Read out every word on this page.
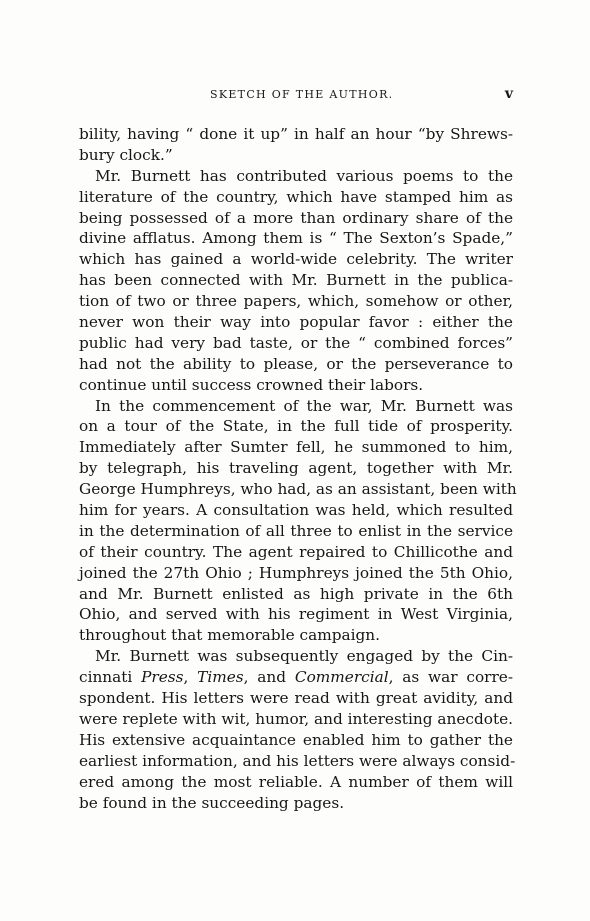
SKETCH OF THE AUTHOR.	v
bility, having “ done it up” in half an hour “by Shrews-
bury clock.”
Mr. Burnett has contributed various poems to the
literature of the country, which have stamped him as
being possessed of a more than ordinary share of the
divine afflatus. Among them is “ The Sexton’s Spade,”
which has gained a world-wide celebrity. The writer
has been connected with Mr. Burnett in the publica-
tion of two or three papers, which, somehow or other,
never won their way into popular favor : either the
public had very bad taste, or the “ combined forces”
had not the ability to please, or the perseverance to
continue until success crowned their labors.
In the commencement of the war, Mr. Burnett was
on a tour of the State, in the full tide of prosperity.
Immediately after Sumter fell, he summoned to him,
by telegraph, his traveling agent, together with Mr.
George Humphreys, who had, as an assistant, been with
him for years. A consultation was held, which resulted
in the determination of all three to enlist in the service
of their country. The agent repaired to Chillicothe and
joined the 27th Ohio ; Humphreys joined the 5th Ohio,
and Mr. Burnett enlisted as high private in the 6th
Ohio, and served with his regiment in West Virginia,
throughout that memorable campaign.
Mr. Burnett was subsequently engaged by the Cin-
cinnati Press, Times, and Commercial, as war corre-
spondent. His letters were read with great avidity, and
were replete with wit, humor, and interesting anecdote.
His extensive acquaintance enabled him to gather the
earliest information, and his letters were always consid-
ered among the most reliable. A number of them will
be found in the succeeding pages.
